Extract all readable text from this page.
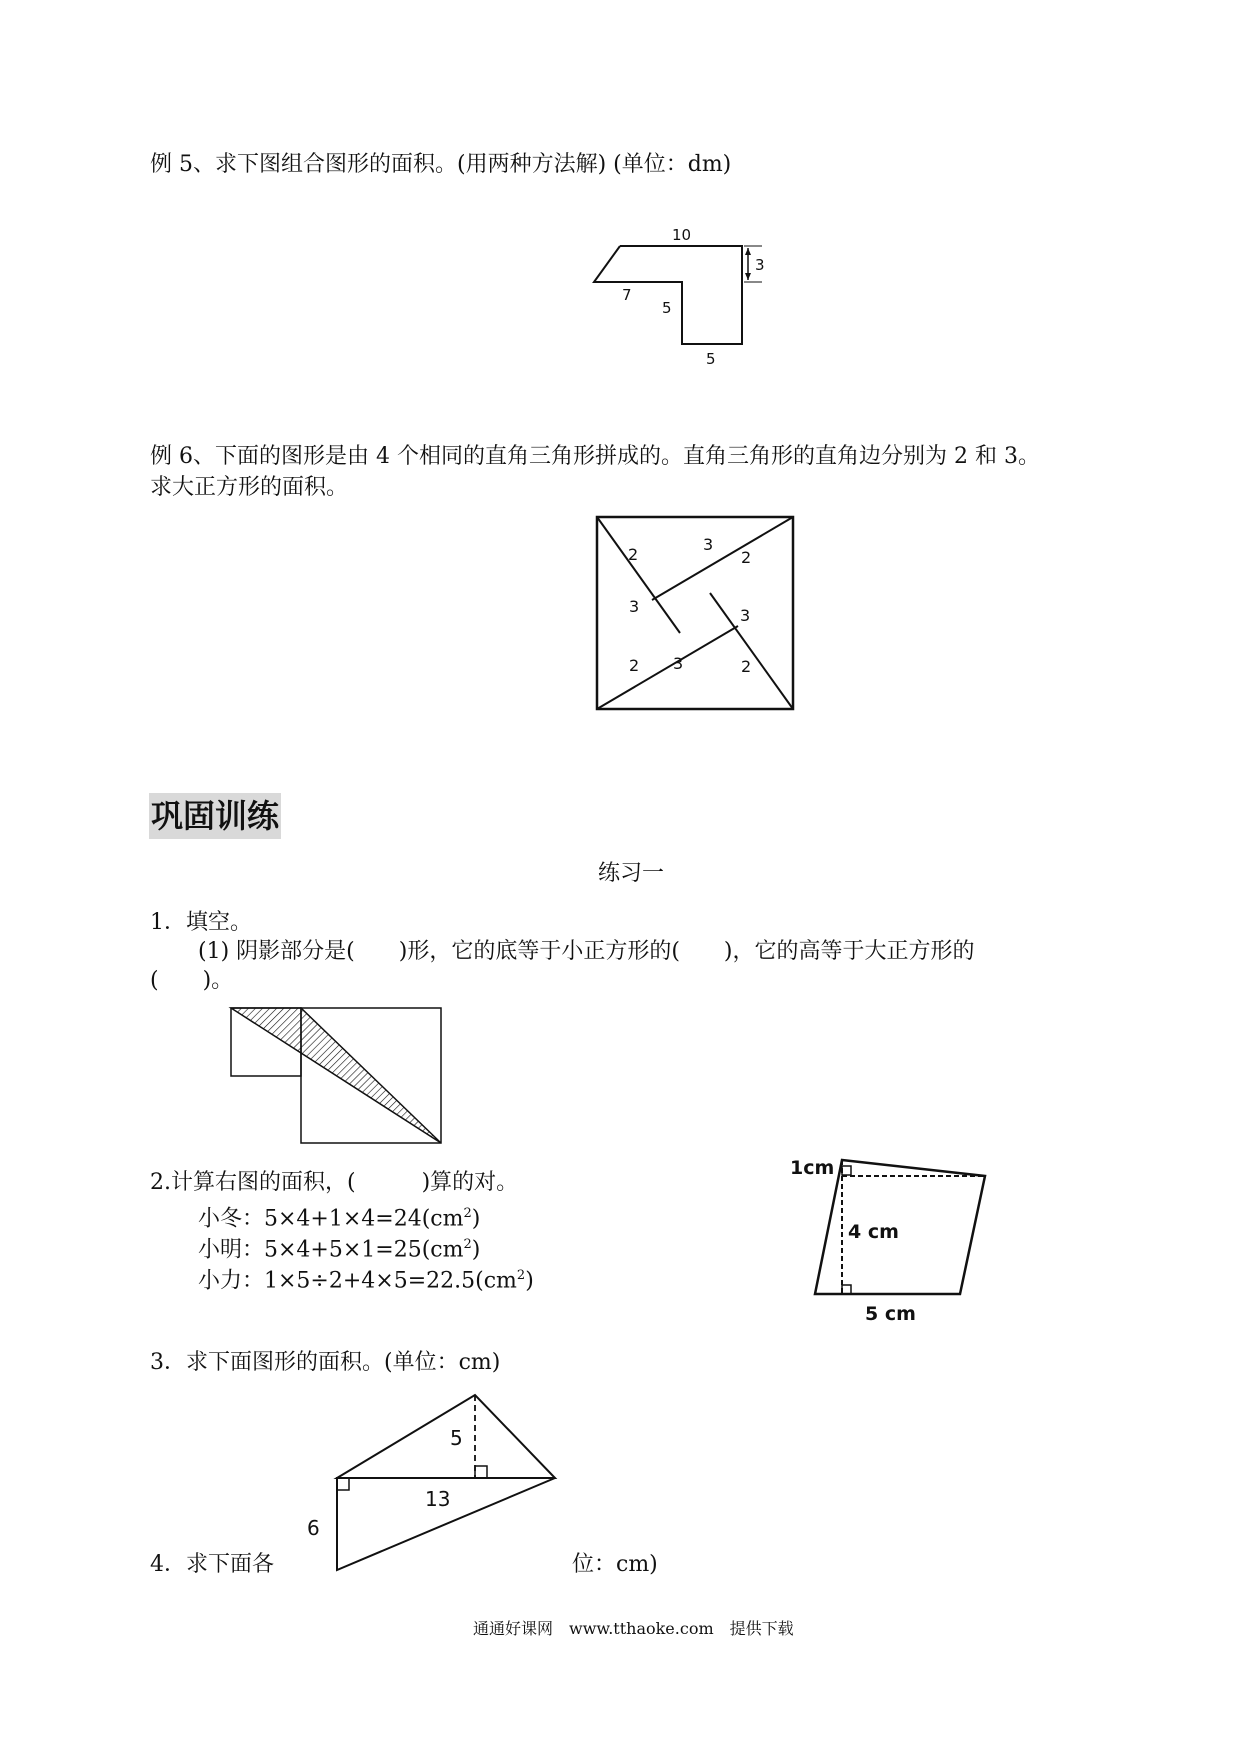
例 5、求下图组合图形的面积。(用两种方法解) (单位：dm)
10
3
7
5
5
例 6、下面的图形是由 4 个相同的直角三角形拼成的。直角三角形的直角边分别为 2 和 3。
求大正方形的面积。
2
3
2
3	3
2 3	2
巩固训练
练习一
1．填空。
(1) 阴影部分是(　　)形，它的底等于小正方形的(　　)，它的高等于大正方形的
(　　)。
2.计算右图的面积，(　　　)算的对。
小冬：$5\times 4+1\times 4=24(cm^2)$
小明：$5\times 4+5\times 1=25(cm^2)$
小力：$1\times 5\div 2+4\times 5=22.5(cm^2)$
1cm
4 cm
5 cm
3．求下面图形的面积。(单位：cm)
5
13
6
4．求下面各	位：cm)
通通好课网　www.tthaoke.com　提供下载
